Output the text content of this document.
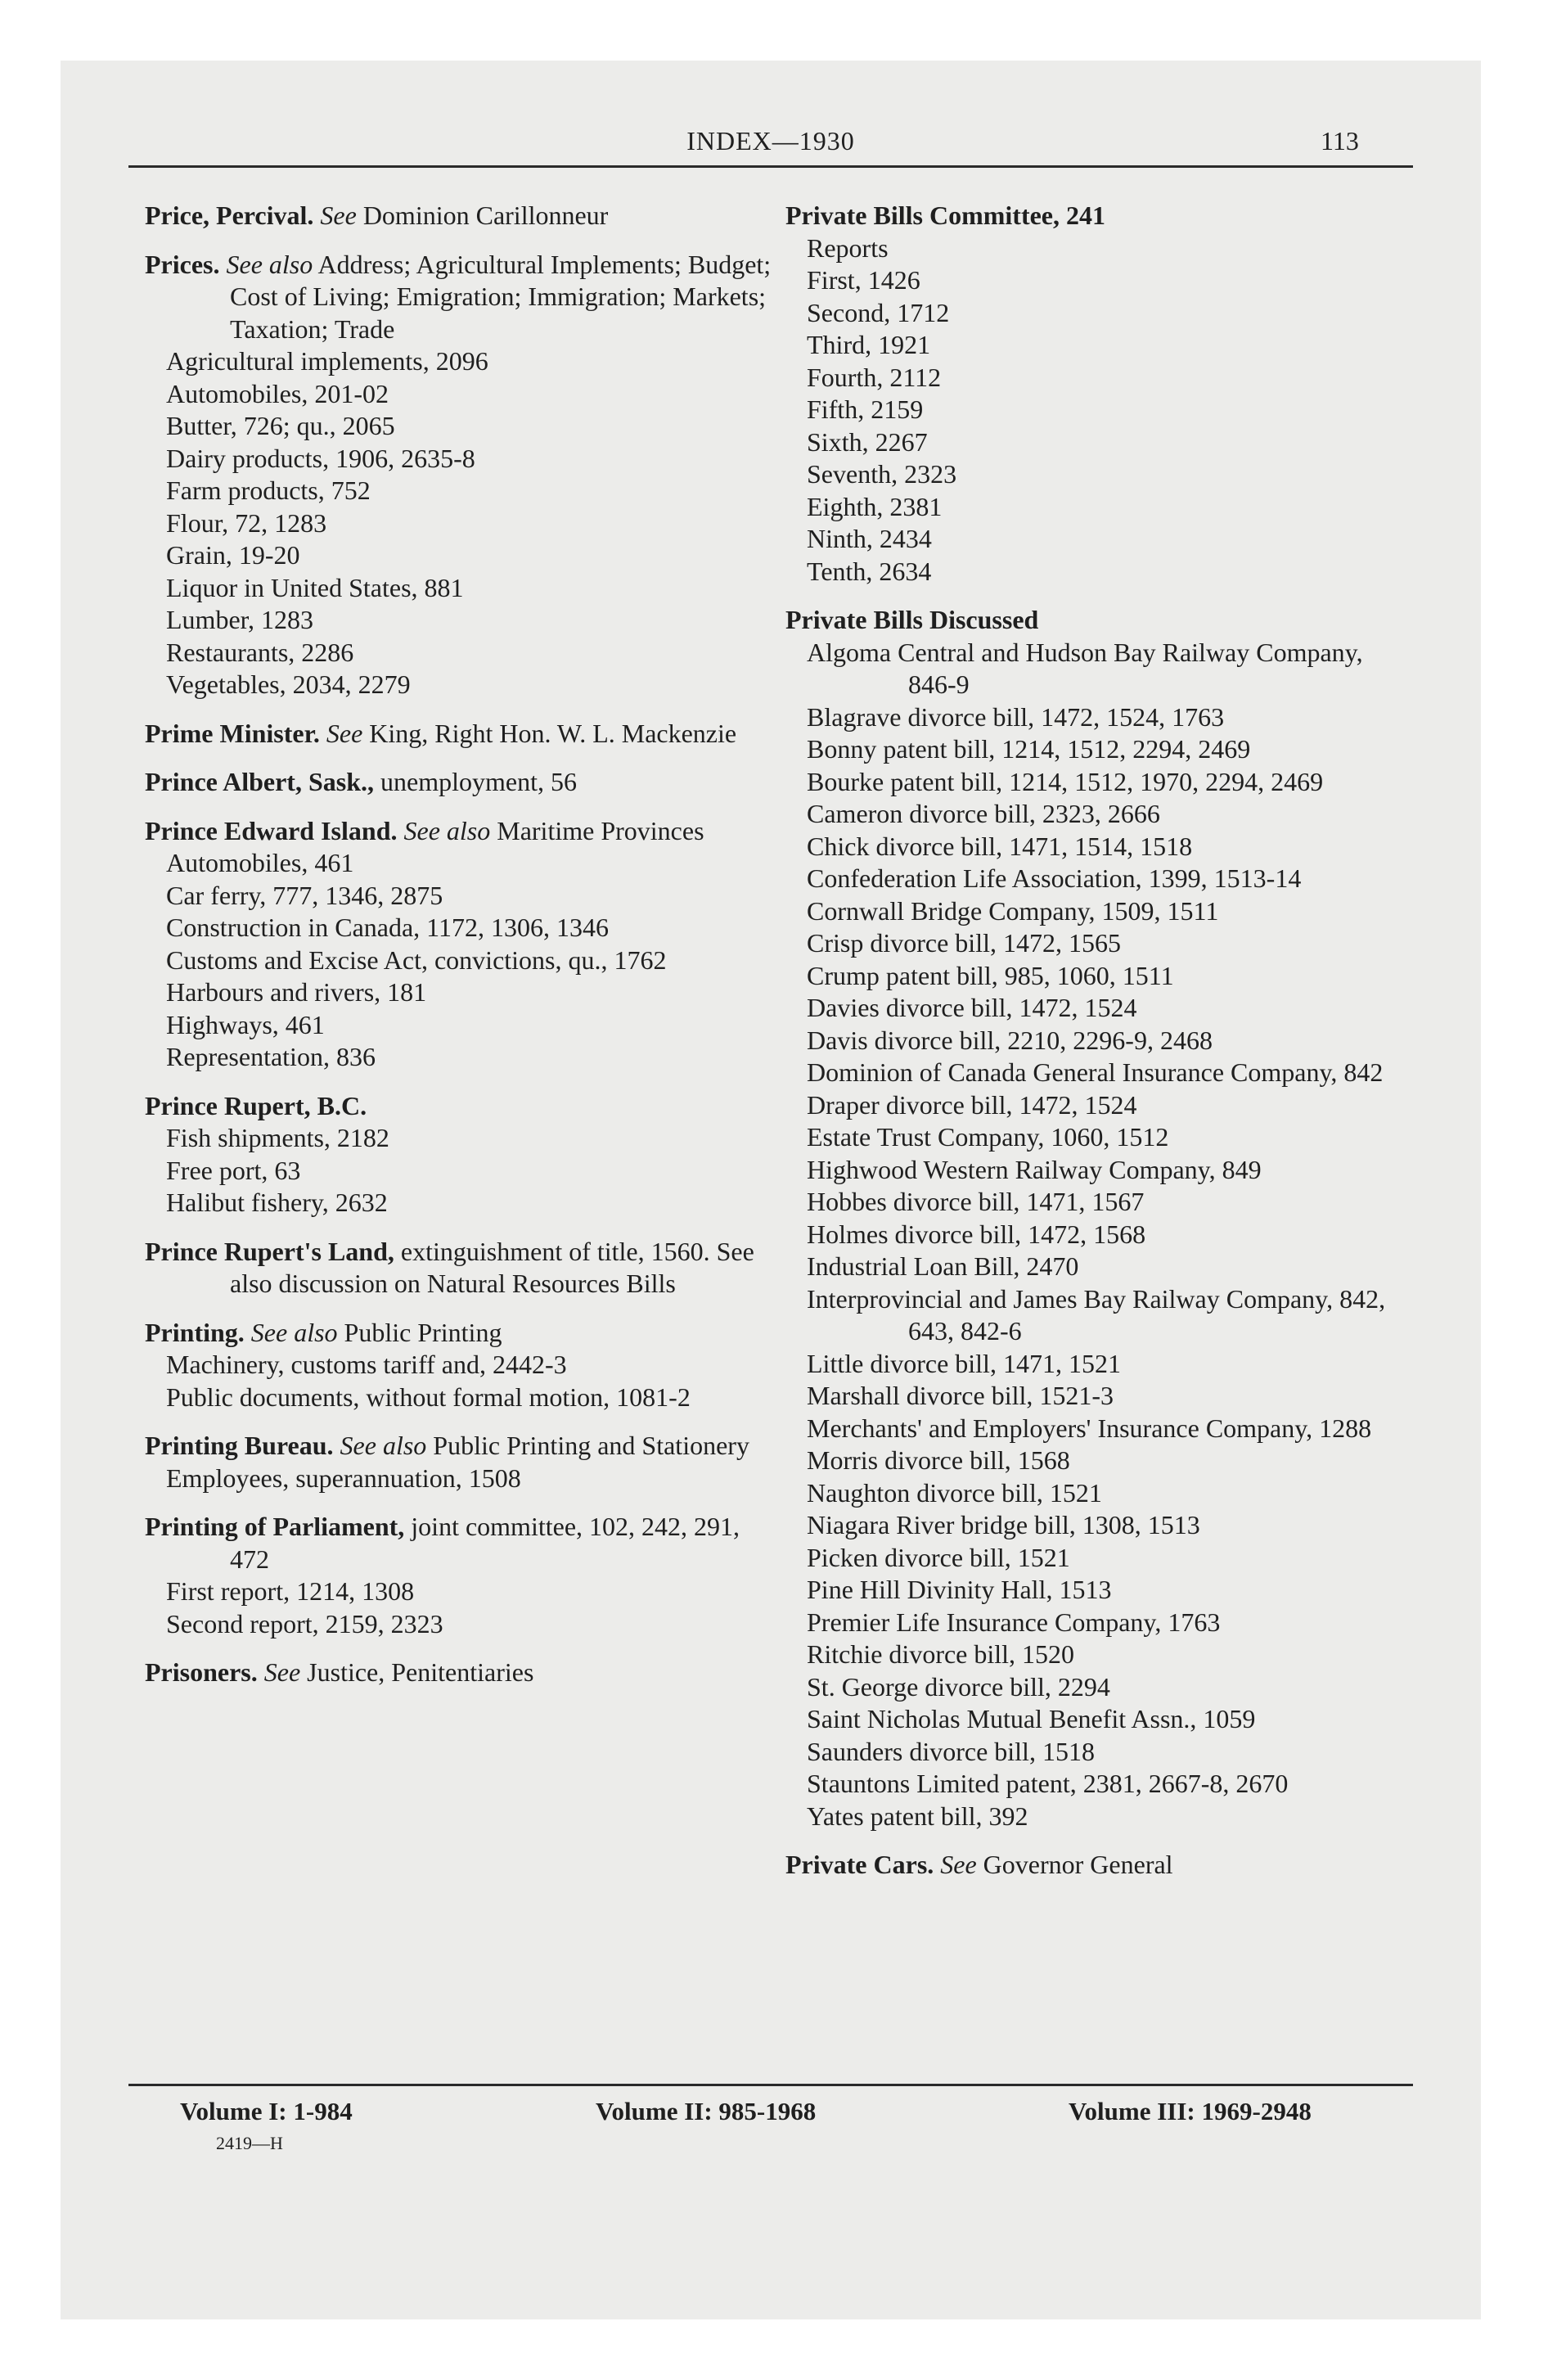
INDEX—1930	113
Price, Percival. See Dominion Carillonneur
Prices. See also Address; Agricultural Implements; Budget; Cost of Living; Emigration; Immigration; Markets; Taxation; Trade
Agricultural implements, 2096
Automobiles, 201-02
Butter, 726; qu., 2065
Dairy products, 1906, 2635-8
Farm products, 752
Flour, 72, 1283
Grain, 19-20
Liquor in United States, 881
Lumber, 1283
Restaurants, 2286
Vegetables, 2034, 2279
Prime Minister. See King, Right Hon. W. L. Mackenzie
Prince Albert, Sask., unemployment, 56
Prince Edward Island. See also Maritime Provinces
Automobiles, 461
Car ferry, 777, 1346, 2875
Construction in Canada, 1172, 1306, 1346
Customs and Excise Act, convictions, qu., 1762
Harbours and rivers, 181
Highways, 461
Representation, 836
Prince Rupert, B.C.
Fish shipments, 2182
Free port, 63
Halibut fishery, 2632
Prince Rupert's Land, extinguishment of title, 1560. See also discussion on Natural Resources Bills
Printing. See also Public Printing
Machinery, customs tariff and, 2442-3
Public documents, without formal motion, 1081-2
Printing Bureau. See also Public Printing and Stationery
Employees, superannuation, 1508
Printing of Parliament, joint committee, 102, 242, 291, 472
First report, 1214, 1308
Second report, 2159, 2323
Prisoners. See Justice, Penitentiaries
Private Bills Committee, 241
Reports
First, 1426
Second, 1712
Third, 1921
Fourth, 2112
Fifth, 2159
Sixth, 2267
Seventh, 2323
Eighth, 2381
Ninth, 2434
Tenth, 2634
Private Bills Discussed
Algoma Central and Hudson Bay Railway Company, 846-9
Blagrave divorce bill, 1472, 1524, 1763
Bonny patent bill, 1214, 1512, 2294, 2469
Bourke patent bill, 1214, 1512, 1970, 2294, 2469
Cameron divorce bill, 2323, 2666
Chick divorce bill, 1471, 1514, 1518
Confederation Life Association, 1399, 1513-14
Cornwall Bridge Company, 1509, 1511
Crisp divorce bill, 1472, 1565
Crump patent bill, 985, 1060, 1511
Davies divorce bill, 1472, 1524
Davis divorce bill, 2210, 2296-9, 2468
Dominion of Canada General Insurance Company, 842
Draper divorce bill, 1472, 1524
Estate Trust Company, 1060, 1512
Highwood Western Railway Company, 849
Hobbes divorce bill, 1471, 1567
Holmes divorce bill, 1472, 1568
Industrial Loan Bill, 2470
Interprovincial and James Bay Railway Company, 842, 643, 842-6
Little divorce bill, 1471, 1521
Marshall divorce bill, 1521-3
Merchants' and Employers' Insurance Company, 1288
Morris divorce bill, 1568
Naughton divorce bill, 1521
Niagara River bridge bill, 1308, 1513
Picken divorce bill, 1521
Pine Hill Divinity Hall, 1513
Premier Life Insurance Company, 1763
Ritchie divorce bill, 1520
St. George divorce bill, 2294
Saint Nicholas Mutual Benefit Assn., 1059
Saunders divorce bill, 1518
Stauntons Limited patent, 2381, 2667-8, 2670
Yates patent bill, 392
Private Cars. See Governor General
Volume I: 1-984	Volume II: 985-1968	Volume III: 1969-2948
2419—H
